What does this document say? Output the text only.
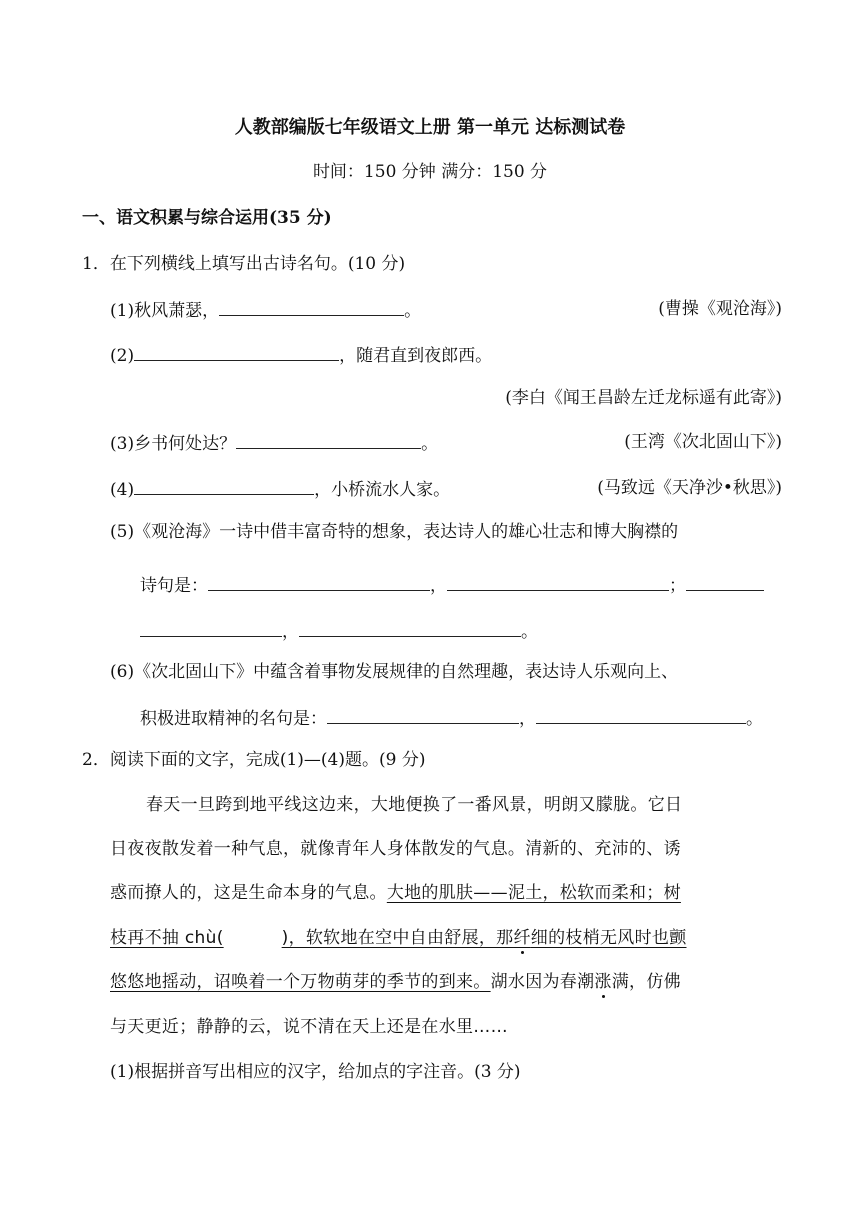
人教部编版七年级语文上册 第一单元 达标测试卷
时间：150 分钟 满分：150 分
一、语文积累与综合运用(35 分)
1．在下列横线上填写出古诗名句。(10 分)
(1)秋风萧瑟，	。	(曹操《观沧海》)
(2)	，随君直到夜郎西。
(李白《闻王昌龄左迁龙标遥有此寄》)
(3)乡书何处达？	。	(王湾《次北固山下》)
(4)	，小桥流水人家。	(马致远《天净沙•秋思》)
(5)《观沧海》一诗中借丰富奇特的想象，表达诗人的雄心壮志和博大胸襟的
诗句是：	，	；
，	。
(6)《次北固山下》中蕴含着事物发展规律的自然理趣，表达诗人乐观向上、
积极进取精神的名句是：	，	。
2．阅读下面的文字，完成(1)—(4)题。(9 分)
春天一旦跨到地平线这边来，大地便换了一番风景，明朗又朦胧。它日
日夜夜散发着一种气息，就像青年人身体散发的气息。清新的、充沛的、诱
惑而撩人的，这是生命本身的气息。大地的肌肤——泥土，松软而柔和；树
枝再不抽 chù(	)，软软地在空中自由舒展，那纤细的枝梢无风时也颤
悠悠地摇动，诏唤着一个万物萌芽的季节的到来。湖水因为春潮涨满，仿佛
与天更近；静静的云，说不清在天上还是在水里……
(1)根据拼音写出相应的汉字，给加点的字注音。(3 分)
